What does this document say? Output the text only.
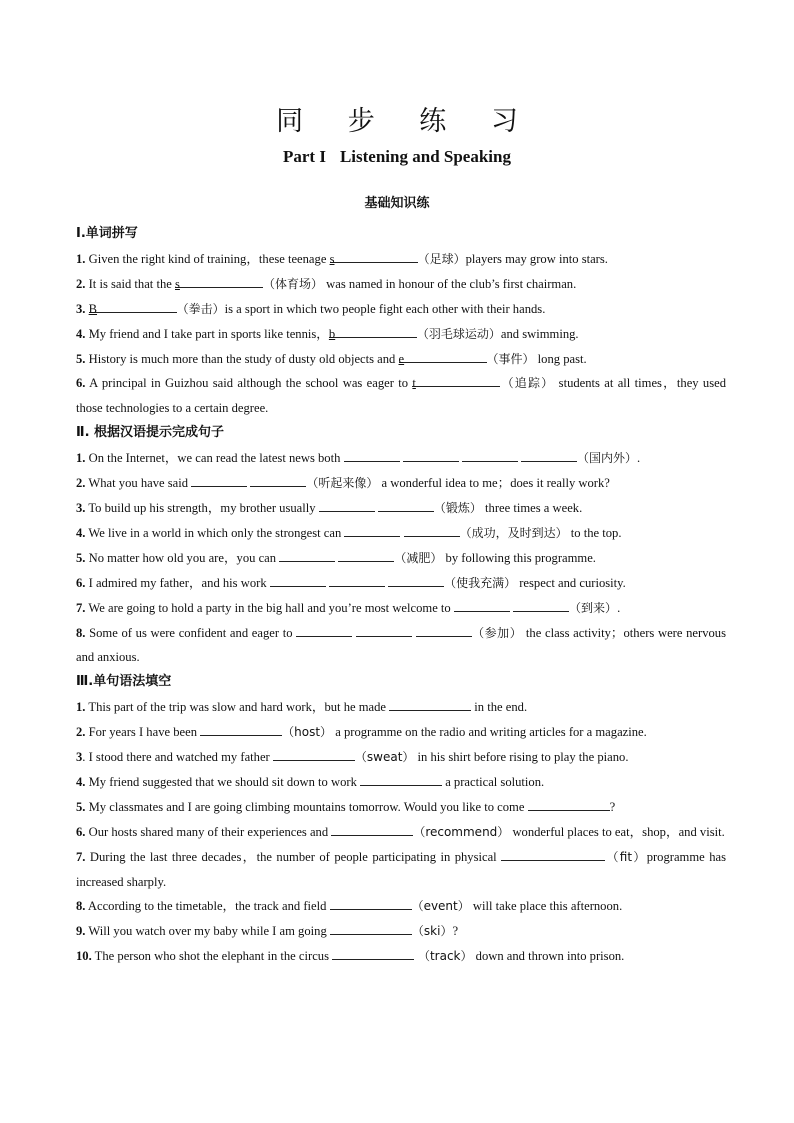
同 步 练 习
Part I Listening and Speaking
基础知识练
Ⅰ.单词拼写
1. Given the right kind of training，these teenage s	（足球）players may grow into stars.
2. It is said that the s	（体育场） was named in honour of the club’s first chairman.
3. B	（拳击）is a sport in which two people fight each other with their hands.
4. My friend and I take part in sports like tennis，b	（羽毛球运动）and swimming.
5. History is much more than the study of dusty old objects and e	（事件） long past.
6. A principal in Guizhou said although the school was eager to t	（追踪） students at all times，they used those technologies to a certain degree.
Ⅱ. 根据汉语提示完成句子
1. On the Internet，we can read the latest news both	（国内外）.
2. What you have said	（听起来像） a wonderful idea to me；does it really work?
3. To build up his strength，my brother usually	（锻炼） three times a week.
4. We live in a world in which only the strongest can	（成功，及时到达） to the top.
5. No matter how old you are，you can	（减肥） by following this programme.
6. I admired my father，and his work	（使我充满） respect and curiosity.
7. We are going to hold a party in the big hall and you’re most welcome to	（到来）.
8. Some of us were confident and eager to	（参加） the class activity；others were nervous and anxious.
Ⅲ.单句语法填空
1. This part of the trip was slow and hard work，but he made	in the end.
2. For years I have been	（host） a programme on the radio and writing articles for a magazine.
3. I stood there and watched my father	（sweat） in his shirt before rising to play the piano.
4. My friend suggested that we should sit down to work	a practical solution.
5. My classmates and I are going climbing mountains tomorrow. Would you like to come	?
6. Our hosts shared many of their experiences and	（recommend） wonderful places to eat，shop，and visit.
7. During the last three decades，the number of people participating in physical	（fit）programme has increased sharply.
8. According to the timetable，the track and field	（event） will take place this afternoon.
9. Will you watch over my baby while I am going	（ski）?
10. The person who shot the elephant in the circus	（track） down and thrown into prison.
